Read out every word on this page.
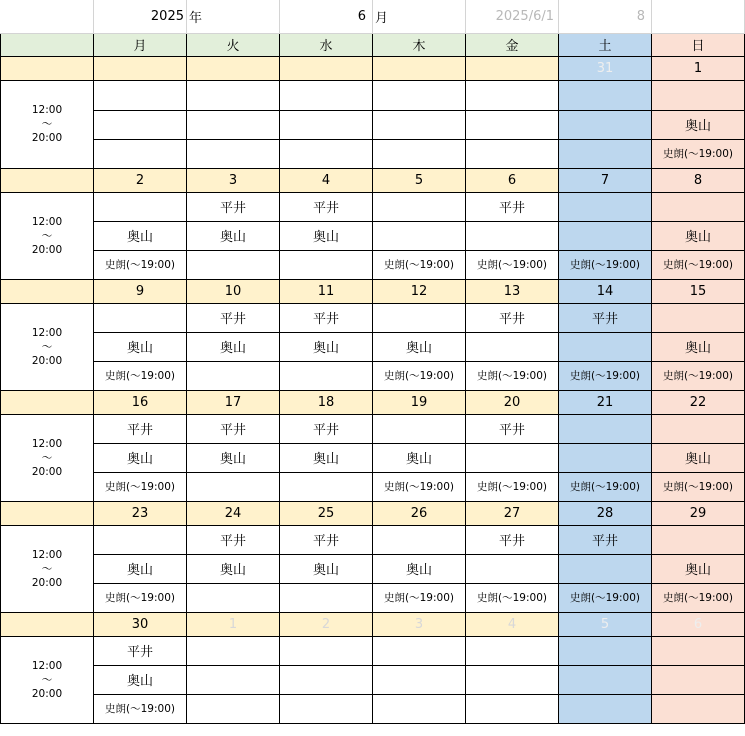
	2025	年	6	月	2025/6/1	8	
	月	火	水	木	金	土	日
						31	1

12:00
～
20:00							

							奥山
							史朗(～19:00)
	2	3	4	5	6	7	8

12:00
～
20:00		平井	平井		平井		
	奥山	奥山	奥山				奥山
	史朗(～19:00)			史朗(～19:00)	史朗(～19:00)	史朗(～19:00)	史朗(～19:00)
	9	10	11	12	13	14	15

12:00
～
20:00		平井	平井		平井	平井	
	奥山	奥山	奥山	奥山			奥山
	史朗(～19:00)			史朗(～19:00)	史朗(～19:00)	史朗(～19:00)	史朗(～19:00)
	16	17	18	19	20	21	22

12:00
～
20:00	平井	平井	平井		平井		
	奥山	奥山	奥山	奥山			奥山
	史朗(～19:00)			史朗(～19:00)	史朗(～19:00)	史朗(～19:00)	史朗(～19:00)
	23	24	25	26	27	28	29

12:00
～
20:00		平井	平井		平井	平井	
	奥山	奥山	奥山	奥山			奥山
	史朗(～19:00)			史朗(～19:00)	史朗(～19:00)	史朗(～19:00)	史朗(～19:00)
	30	1	2	3	4	5	6

12:00
～
20:00	平井						
	奥山						
	史朗(～19:00)						
